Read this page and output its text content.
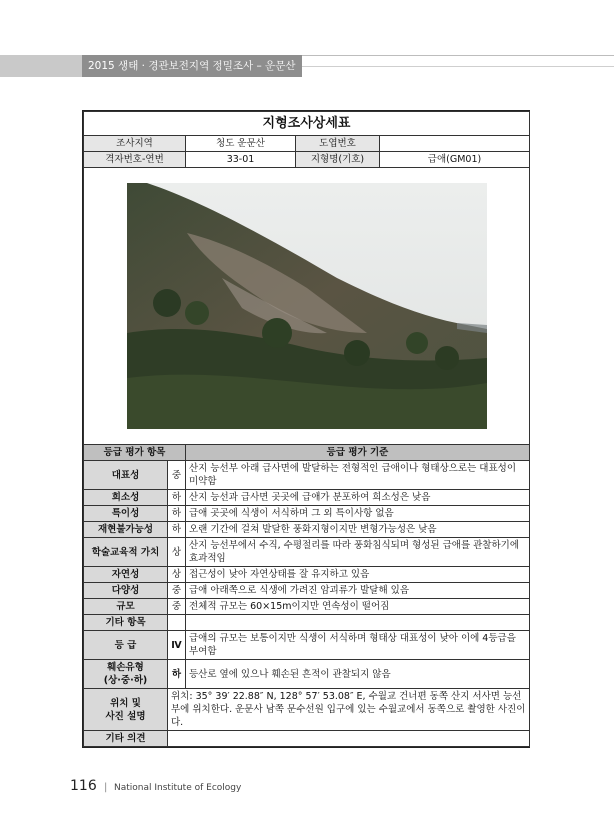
2015 생태 · 경관보전지역 정밀조사 – 운문산
지형조사상세표				
조사지역		청도 운문산	도엽번호	
격자번호-연번		33-01	지형명(기호)	급애(GM01)

등급 평가 항목		등급 평가 기준		
대표성	중	산지 능선부 아래 급사면에 발달하는 전형적인 급애이나 형태상으로는 대표성이 미약함		
희소성	하	산지 능선과 급사면 곳곳에 급애가 분포하여 희소성은 낮음		
특이성	하	급애 곳곳에 식생이 서식하며 그 외 특이사항 없음		
재현불가능성	하	오랜 기간에 걸쳐 발달한 풍화지형이지만 변형가능성은 낮음		
학술교육적 가치	상	산지 능선부에서 수직, 수평절리를 따라 풍화침식되며 형성된 급애를 관찰하기에 효과적임		
자연성	상	접근성이 낮아 자연상태를 잘 유지하고 있음		
다양성	중	급애 아래쪽으로 식생에 가려진 암괴류가 발달해 있음		
규모	중	전체적 규모는 60×15m이지만 연속성이 떨어짐		
기타 항목				
등 급	Ⅳ	급애의 규모는 보통이지만 식생이 서식하며 형태상 대표성이 낮아 이에 4등급을 부여함		

훼손유형
(상·중·하)	하	등산로 옆에 있으나 훼손된 흔적이 관찰되지 않음		

위치 및
사진 설명	위치: 35° 39′ 22.88″ N, 128° 57′ 53.08″ E, 수월교 건너편 동쪽 산지 서사면 능선부에 위치한다. 운문사 남쪽 문수선원 입구에 있는 수월교에서 동쪽으로 촬영한 사진이다.			
기타 의견				
116 | National Institute of Ecology
